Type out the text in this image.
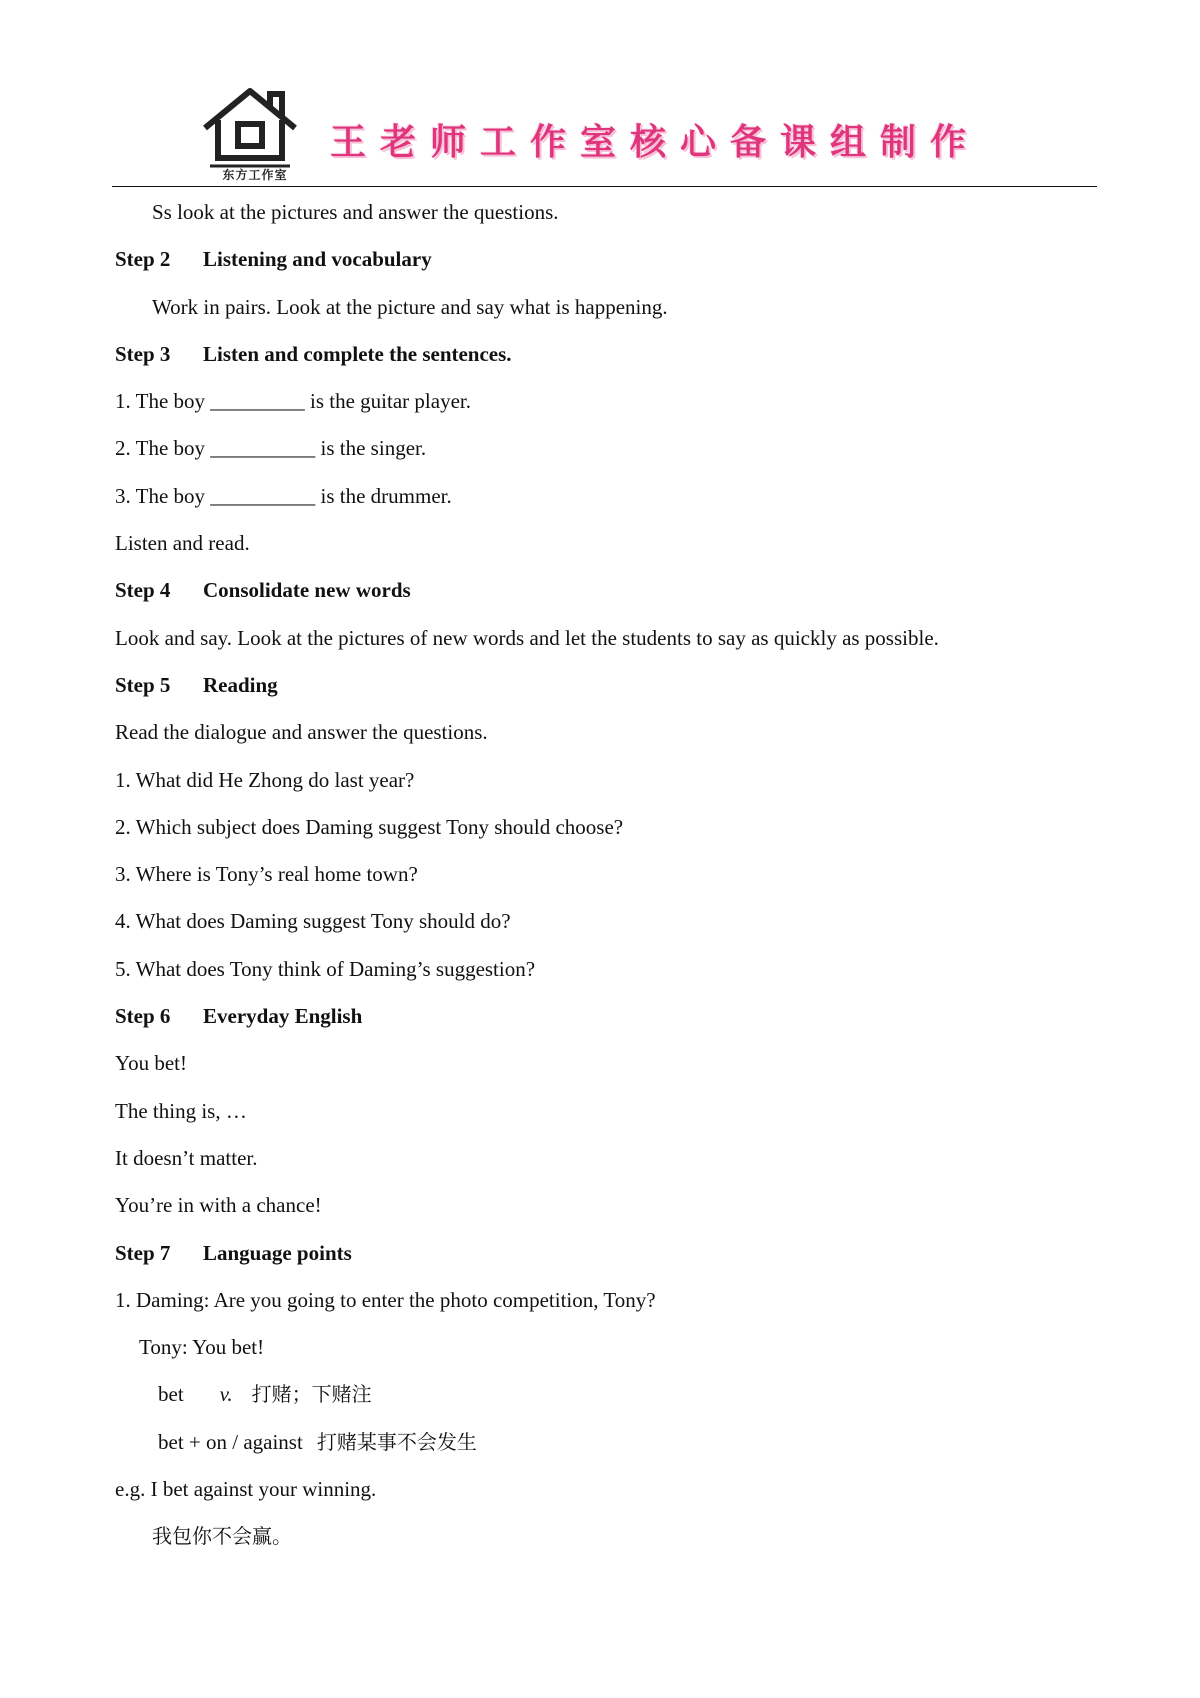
东方工作室
王老师工作室核心备课组制作
Ss look at the pictures and answer the questions.
Step 2 Listening and vocabulary
Work in pairs. Look at the picture and say what is happening.
Step 3 Listen and complete the sentences.
1. The boy _________ is the guitar player.
2. The boy __________ is the singer.
3. The boy __________ is the drummer.
Listen and read.
Step 4 Consolidate new words
Look and say. Look at the pictures of new words and let the students to say as quickly as possible.
Step 5 Reading
Read the dialogue and answer the questions.
1. What did He Zhong do last year?
2. Which subject does Daming suggest Tony should choose?
3. Where is Tony’s real home town?
4. What does Daming suggest Tony should do?
5. What does Tony think of Daming’s suggestion?
Step 6 Everyday English
You bet!
The thing is, …
It doesn’t matter.
You’re in with a chance!
Step 7 Language points
1. Daming: Are you going to enter the photo competition, Tony?
Tony: You bet!
bet v. 打赌；下赌注
bet + on / against 打赌某事不会发生
e.g. I bet against your winning.
我包你不会赢。
